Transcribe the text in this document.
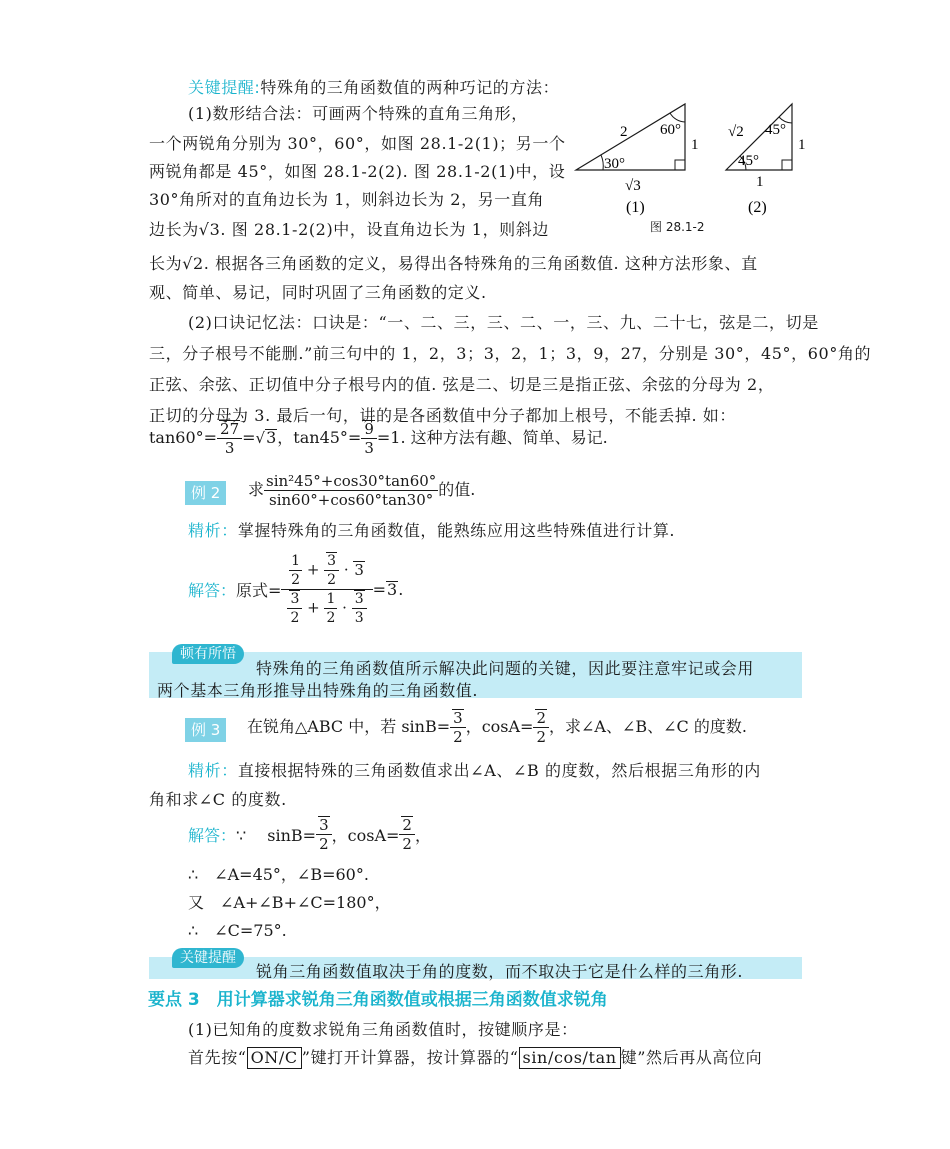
关键提醒:特殊角的三角函数值的两种巧记的方法：
(1)数形结合法：可画两个特殊的直角三角形，
一个两锐角分别为 30°，60°，如图 28.1-2(1)；另一个
两锐角都是 45°，如图 28.1-2(2). 图 28.1-2(1)中，设
30°角所对的直角边长为 1，则斜边长为 2，另一直角
边长为√3. 图 28.1-2(2)中，设直角边长为 1，则斜边
长为√2. 根据各三角函数的定义，易得出各特殊角的三角函数值. 这种方法形象、直
观、简单、易记，同时巩固了三角函数的定义.
2 60°
30°
1
√3
(1)
√2 45°
45°
1
1
(2)
图 28.1-2
(2)口诀记忆法：口诀是：“一、二、三，三、二、一，三、九、二十七，弦是二，切是
三，分子根号不能删.”前三句中的 1，2，3；3，2，1；3，9，27，分别是 30°，45°，60°角的
正弦、余弦、正切值中分子根号内的值. 弦是二、切是三是指正弦、余弦的分母为 2，
正切的分母为 3. 最后一句，讲的是各函数值中分子都加上根号，不能丢掉. 如：
$\tan 60^\circ= \frac{27}{3} =√3$，$\tan 45^\circ= \frac{9}{3} =1$. 这种方法有趣、简单、易记.
例 2	求 $\frac{\text{sin²45°+cos30°tan60°}}{\sin 60^\circ+\cos 60^\circ\tan 30^\circ}$ 的值.
精析：掌握特殊角的三角函数值，能熟练应用这些特殊值进行计算.
解答：原式= $\frac{\frac{1}{2} + \frac{3}{2} \cdot 3}{\frac{3}{2} + \frac{1}{2} \cdot \frac{3}{3}} =3$.
顿有所悟
特殊角的三角函数值所示解决此问题的关键，因此要注意牢记或会用
两个基本三角形推导出特殊角的三角函数值.
例 3	在锐角△ABC 中，若 $\sin B= \frac{3}{2}$ ，$\cos A= \frac{2}{2}$ ，求∠A、∠B、∠C 的度数.
精析：直接根据特殊的三角函数值求出∠A、∠B 的度数，然后根据三角形的内
角和求∠C 的度数.
解答：∵　 $\sin B= \frac{3}{2}$ ，$\cos A= \frac{2}{2}$ ，
∴　 ∠A=45°，∠B=60°.
又　 ∠A+∠B+∠C=180°，
∴　 ∠C=75°.
关键提醒
锐角三角函数值取决于角的度数，而不取决于它是什么样的三角形.
要点 3　用计算器求锐角三角函数值或根据三角函数值求锐角
(1)已知角的度数求锐角三角函数值时，按键顺序是：
首先按“ ON/C ”键打开计算器，按计算器的“ sin/cos/tan 键”然后再从高位向
